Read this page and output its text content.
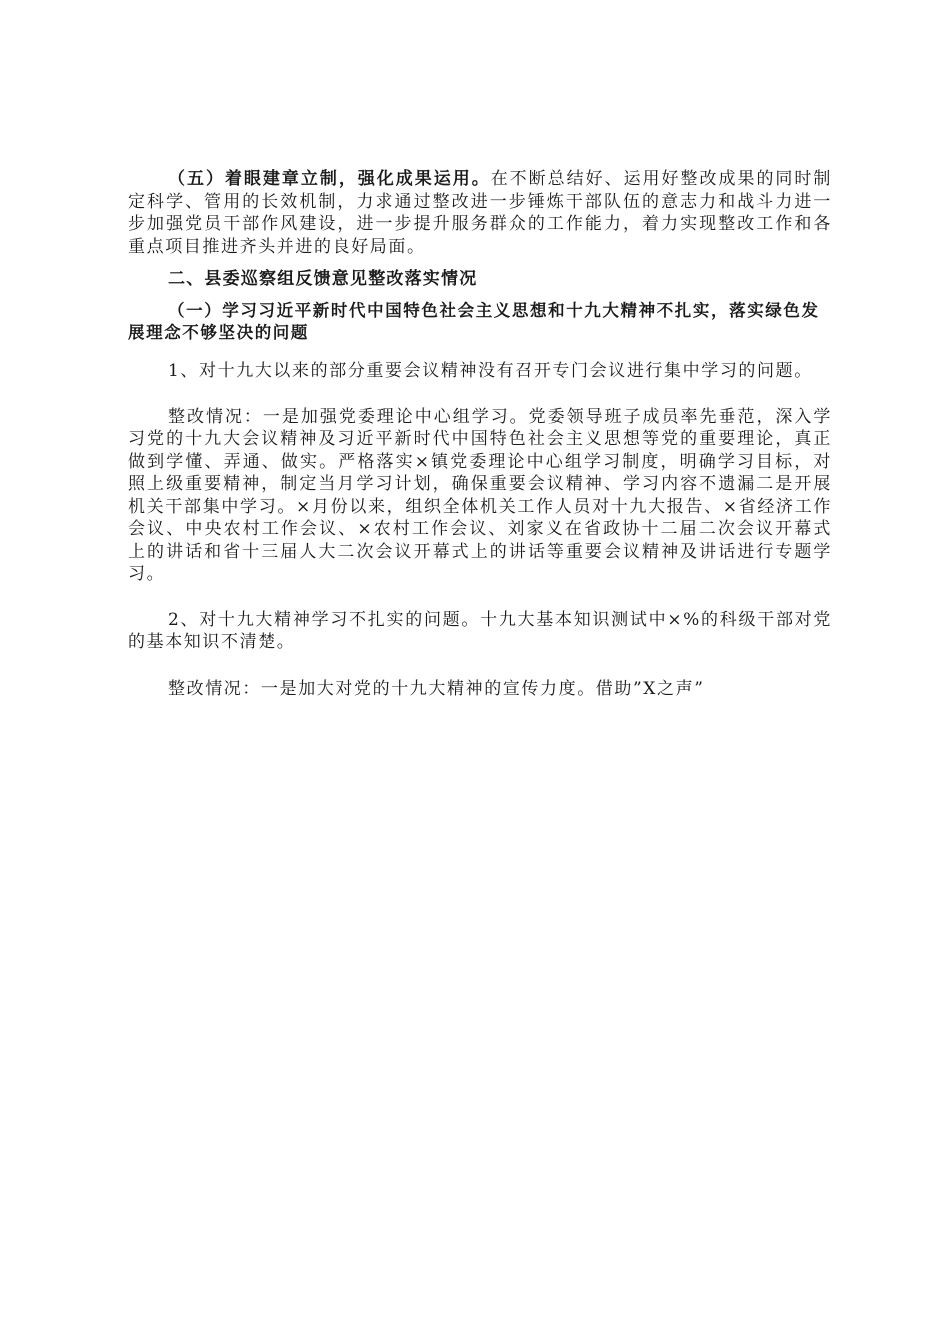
（五）着眼建章立制，强化成果运用。在不断总结好、运用好整改成果的同时制定科学、管用的长效机制，力求通过整改进一步锤炼干部队伍的意志力和战斗力进一步加强党员干部作风建设，进一步提升服务群众的工作能力，着力实现整改工作和各重点项目推进齐头并进的良好局面。

二、县委巡察组反馈意见整改落实情况

（一）学习习近平新时代中国特色社会主义思想和十九大精神不扎实，落实绿色发展理念不够坚决的问题

1、对十九大以来的部分重要会议精神没有召开专门会议进行集中学习的问题。

整改情况：一是加强党委理论中心组学习。党委领导班子成员率先垂范，深入学习党的十九大会议精神及习近平新时代中国特色社会主义思想等党的重要理论，真正做到学懂、弄通、做实。严格落实×镇党委理论中心组学习制度，明确学习目标，对照上级重要精神，制定当月学习计划，确保重要会议精神、学习内容不遗漏二是开展机关干部集中学习。×月份以来，组织全体机关工作人员对十九大报告、×省经济工作会议、中央农村工作会议、×农村工作会议、刘家义在省政协十二届二次会议开幕式上的讲话和省十三届人大二次会议开幕式上的讲话等重要会议精神及讲话进行专题学习。

2、对十九大精神学习不扎实的问题。十九大基本知识测试中×%的科级干部对党的基本知识不清楚。

整改情况：一是加大对党的十九大精神的宣传力度。借助”X之声”
